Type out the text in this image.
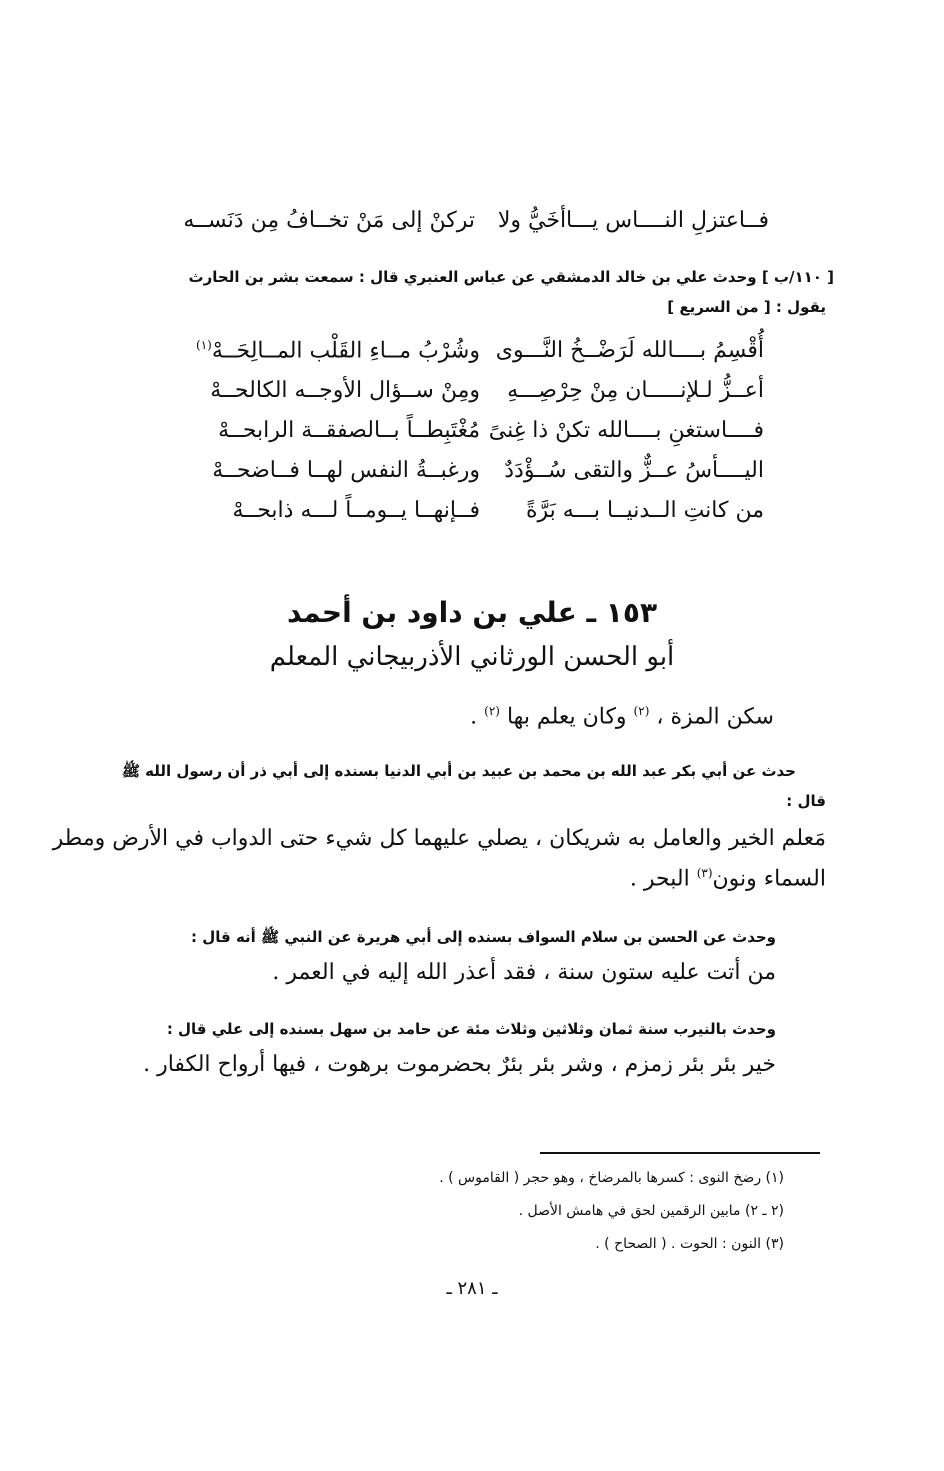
فــاعتزلِ النــــاس يـــاأخَيُّ ولا
تركنْ إلى مَنْ تخــافُ مِن دَنَســه
[ ١١٠/ب ] وحدث علي بن خالد الدمشقي عن عباس العنبري قال : سمعت بشر بن الحارث
يقول : [ من السريع ]
أُقْسِمُ بــــالله لَرَضْــخُ النَّـــوى
وشُرْبُ مــاءِ القَلْب المــالِحَــهْ$^{(١)}$
أعــزُّ لـلإنـــــان مِنْ حِرْصِـــهِ
ومِنْ ســؤال الأوجــه الكالحــهْ
فــــاستغنِ بــــالله تكنْ ذا غِنىً
مُغْتَبِطــاً بــالصفقــة الرابحــهْ
اليــــأسُ عــزٌّ والتقى سُــؤْدَدٌ
ورغبــةُ النفس لهــا فــاضحــهْ
من كانتِ الــدنيــا بـــه بَرَّةً
فــإنهــا يــومــاً لـــه ذابحــهْ
١٥٣ ـ علي بن داود بن أحمد
أبو الحسن الورثاني الأذربيجاني المعلم
سكن المزة ، $^{(٢)}$ وكان يعلم بها $^{(٢)}$ .
حدث عن أبي بكر عبد الله بن محمد بن عبيد بن أبي الدنيا بسنده إلى أبي ذر أن رسول الله ﷺ
قال :
مَعلم الخير والعامل به شريكان ، يصلي عليهما كل شيء حتى الدواب في الأرض ومطر
السماء ونون$^{(٣)}$ البحر .
وحدث عن الحسن بن سلام السواف بسنده إلى أبي هريرة عن النبي ﷺ أنه قال :
من أتت عليه ستون سنة ، فقد أعذر الله إليه في العمر .
وحدث بالنيرب سنة ثمان وثلاثين وثلاث مئة عن حامد بن سهل بسنده إلى علي قال :
خير بئر بئر زمزم ، وشر بئر بئرٌ بحضرموت برهوت ، فيها أرواح الكفار .
(١) رضخ النوى : كسرها بالمرضاخ ، وهو حجر ( القاموس ) .
(٢ ـ ٢) مابين الرقمين لحق في هامش الأصل .
(٣) النون : الحوت . ( الصحاح ) .
ـ ٢٨١ ـ
